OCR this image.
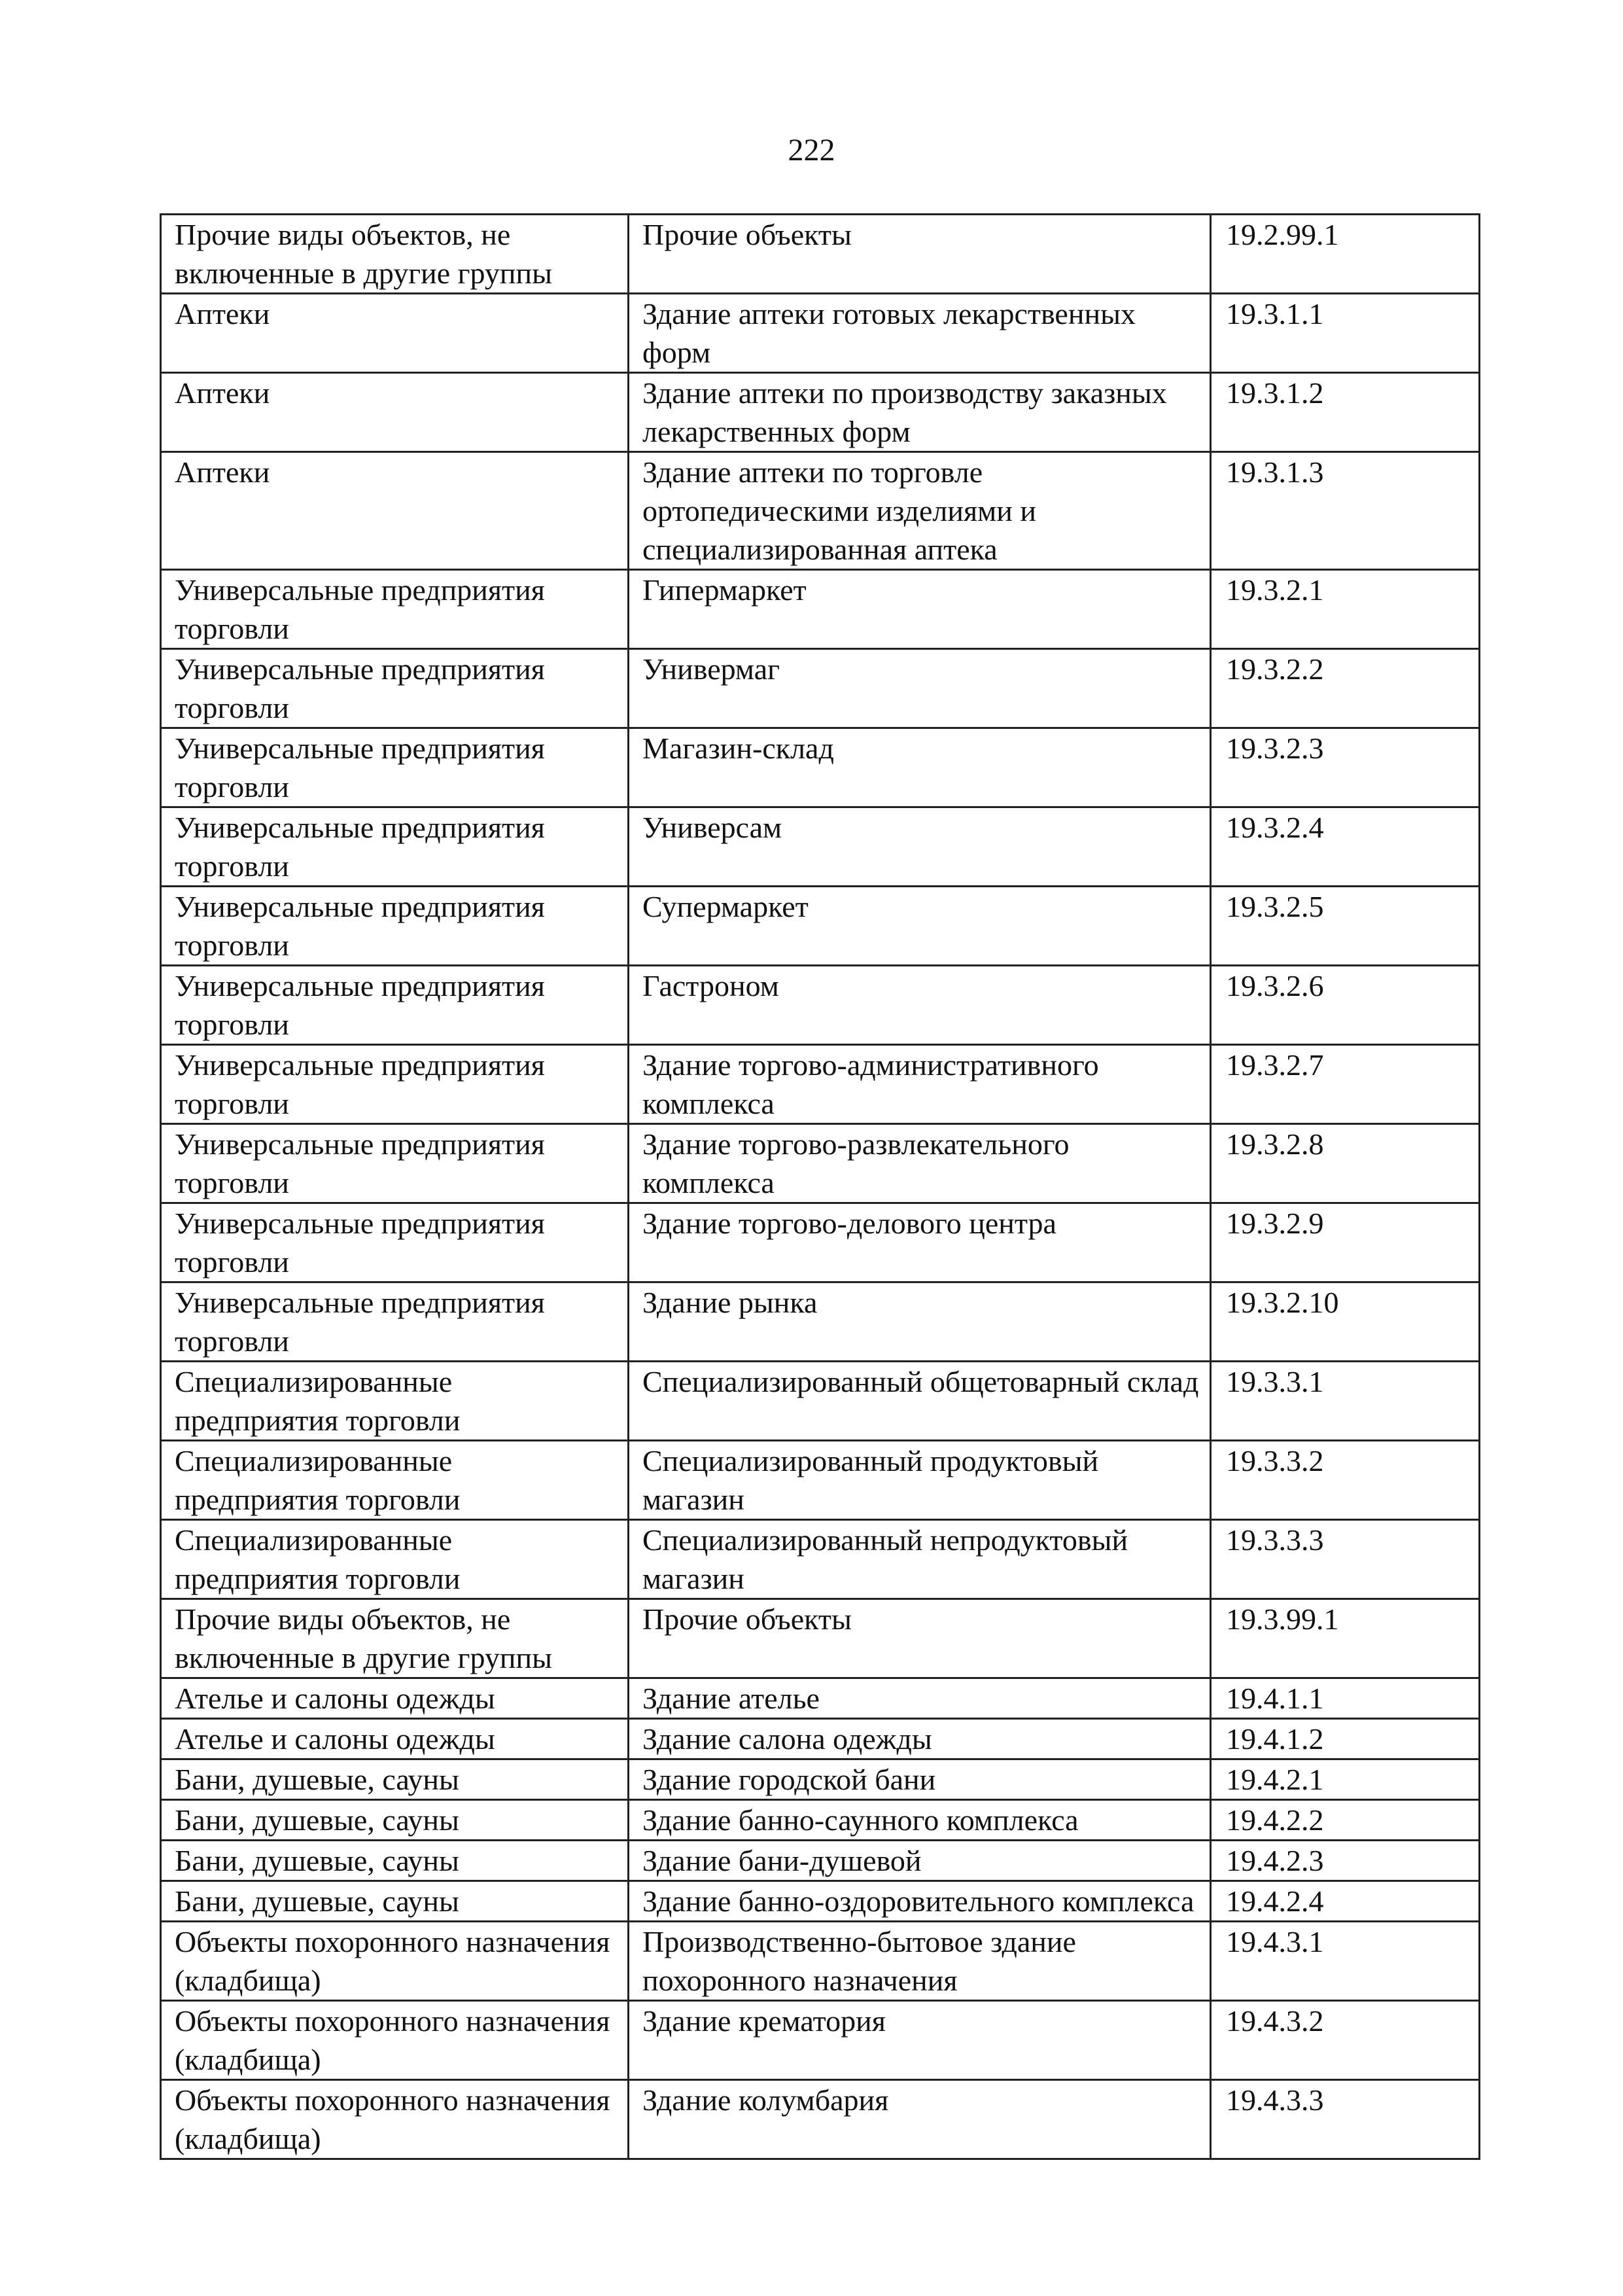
222
Прочие виды объектов, не включенные в другие группы	Прочие объекты	19.2.99.1
Аптеки	Здание аптеки готовых лекарственных форм	19.3.1.1
Аптеки	Здание аптеки по производству заказных лекарственных форм	19.3.1.2
Аптеки	Здание аптеки по торговле ортопедическими изделиями и специализированная аптека	19.3.1.3
Универсальные предприятия торговли	Гипермаркет	19.3.2.1
Универсальные предприятия торговли	Универмаг	19.3.2.2
Универсальные предприятия торговли	Магазин-склад	19.3.2.3
Универсальные предприятия торговли	Универсам	19.3.2.4
Универсальные предприятия торговли	Супермаркет	19.3.2.5
Универсальные предприятия торговли	Гастроном	19.3.2.6
Универсальные предприятия торговли	Здание торгово-административного комплекса	19.3.2.7
Универсальные предприятия торговли	Здание торгово-развлекательного комплекса	19.3.2.8
Универсальные предприятия торговли	Здание торгово-делового центра	19.3.2.9
Универсальные предприятия торговли	Здание рынка	19.3.2.10
Специализированные предприятия торговли	Специализированный общетоварный склад	19.3.3.1
Специализированные предприятия торговли	Специализированный продуктовый магазин	19.3.3.2
Специализированные предприятия торговли	Специализированный непродуктовый магазин	19.3.3.3
Прочие виды объектов, не включенные в другие группы	Прочие объекты	19.3.99.1
Ателье и салоны одежды	Здание ателье	19.4.1.1
Ателье и салоны одежды	Здание салона одежды	19.4.1.2
Бани, душевые, сауны	Здание городской бани	19.4.2.1
Бани, душевые, сауны	Здание банно-саунного комплекса	19.4.2.2
Бани, душевые, сауны	Здание бани-душевой	19.4.2.3
Бани, душевые, сауны	Здание банно-оздоровительного комплекса	19.4.2.4
Объекты похоронного назначения (кладбища)	Производственно-бытовое здание похоронного назначения	19.4.3.1
Объекты похоронного назначения (кладбища)	Здание крематория	19.4.3.2
Объекты похоронного назначения (кладбища)	Здание колумбария	19.4.3.3
